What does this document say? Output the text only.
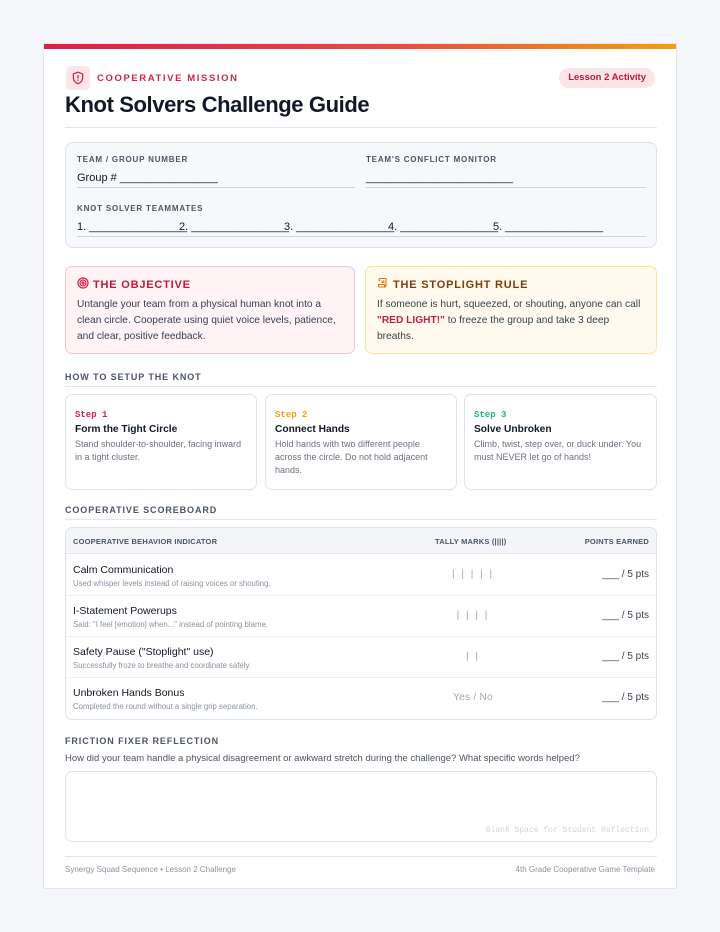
COOPERATIVE MISSION	Lesson 2 Activity
Knot Solvers Challenge Guide
TEAM / GROUP NUMBER
Group # ________________
TEAM'S CONFLICT MONITOR
________________________
KNOT SOLVER TEAMMATES
1. ________________
2. ________________
3. ________________
4. ________________
5. ________________
THE OBJECTIVE

Untangle your team from a physical human knot into a clean circle. Cooperate using quiet voice levels, patience, and clear, positive feedback.

THE STOPLIGHT RULE

If someone is hurt, squeezed, or shouting, anyone can call "RED LIGHT!" to freeze the group and take 3 deep breaths.

HOW TO SETUP THE KNOT
Step 1
Form the Tight Circle
Stand shoulder-to-shoulder, facing inward in a tight cluster.
Step 2
Connect Hands
Hold hands with two different people across the circle. Do not hold adjacent hands.
Step 3
Solve Unbroken
Climb, twist, step over, or duck under. You must NEVER let go of hands!
COOPERATIVE SCOREBOARD
COOPERATIVE BEHAVIOR INDICATOR	TALLY MARKS (||||)	POINTS EARNED
Calm Communication
Used whisper levels instead of raising voices or shouting.
| | | | |	___ / 5 pts
I-Statement Powerups
Said: "I feel [emotion] when..." instead of pointing blame.
| | | |	___ / 5 pts
Safety Pause ("Stoplight" use)
Successfully froze to breathe and coordinate safely.
| |	___ / 5 pts
Unbroken Hands Bonus
Completed the round without a single grip separation.
Yes / No	___ / 5 pts
FRICTION FIXER REFLECTION
How did your team handle a physical disagreement or awkward stretch during the challenge? What specific words helped?
Blank Space for Student Reflection
Synergy Squad Sequence • Lesson 2 Challenge	4th Grade Cooperative Game Template
